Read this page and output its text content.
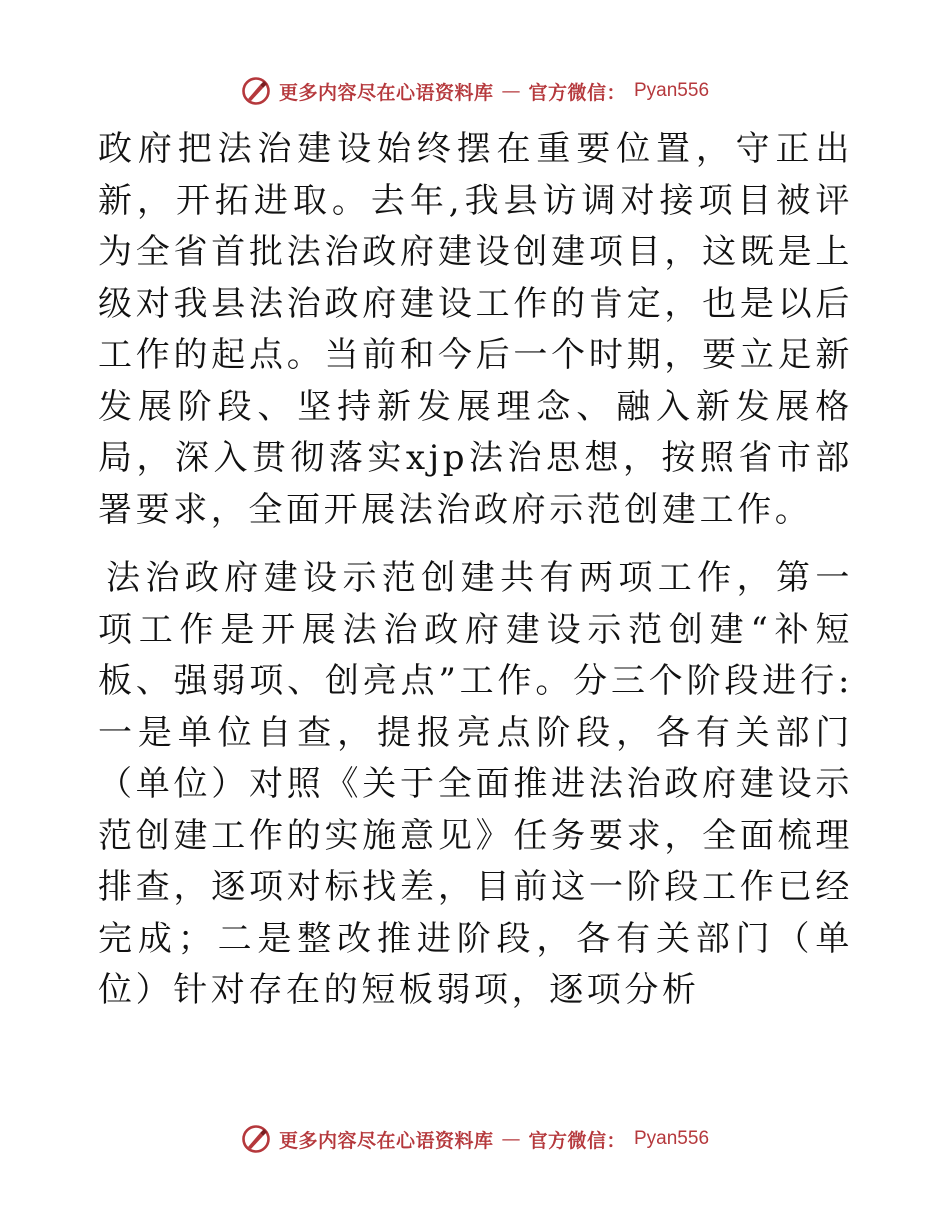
更多内容尽在心语资料库 — 官方微信： Pyan556

政府把法治建设始终摆在重要位置，守正出新，开拓进取。去年,我县访调对接项目被评为全省首批法治政府建设创建项目，这既是上级对我县法治政府建设工作的肯定，也是以后工作的起点。当前和今后一个时期，要立足新发展阶段、坚持新发展理念、融入新发展格局，深入贯彻落实xjp法治思想，按照省市部署要求，全面开展法治政府示范创建工作。

法治政府建设示范创建共有两项工作，第一项工作是开展法治政府建设示范创建“补短板、强弱项、创亮点”工作。分三个阶段进行:一是单位自查，提报亮点阶段，各有关部门（单位）对照《关于全面推进法治政府建设示范创建工作的实施意见》任务要求，全面梳理排查，逐项对标找差，目前这一阶段工作已经完成；二是整改推进阶段，各有关部门（单位）针对存在的短板弱项，逐项分析

更多内容尽在心语资料库 — 官方微信： Pyan556
